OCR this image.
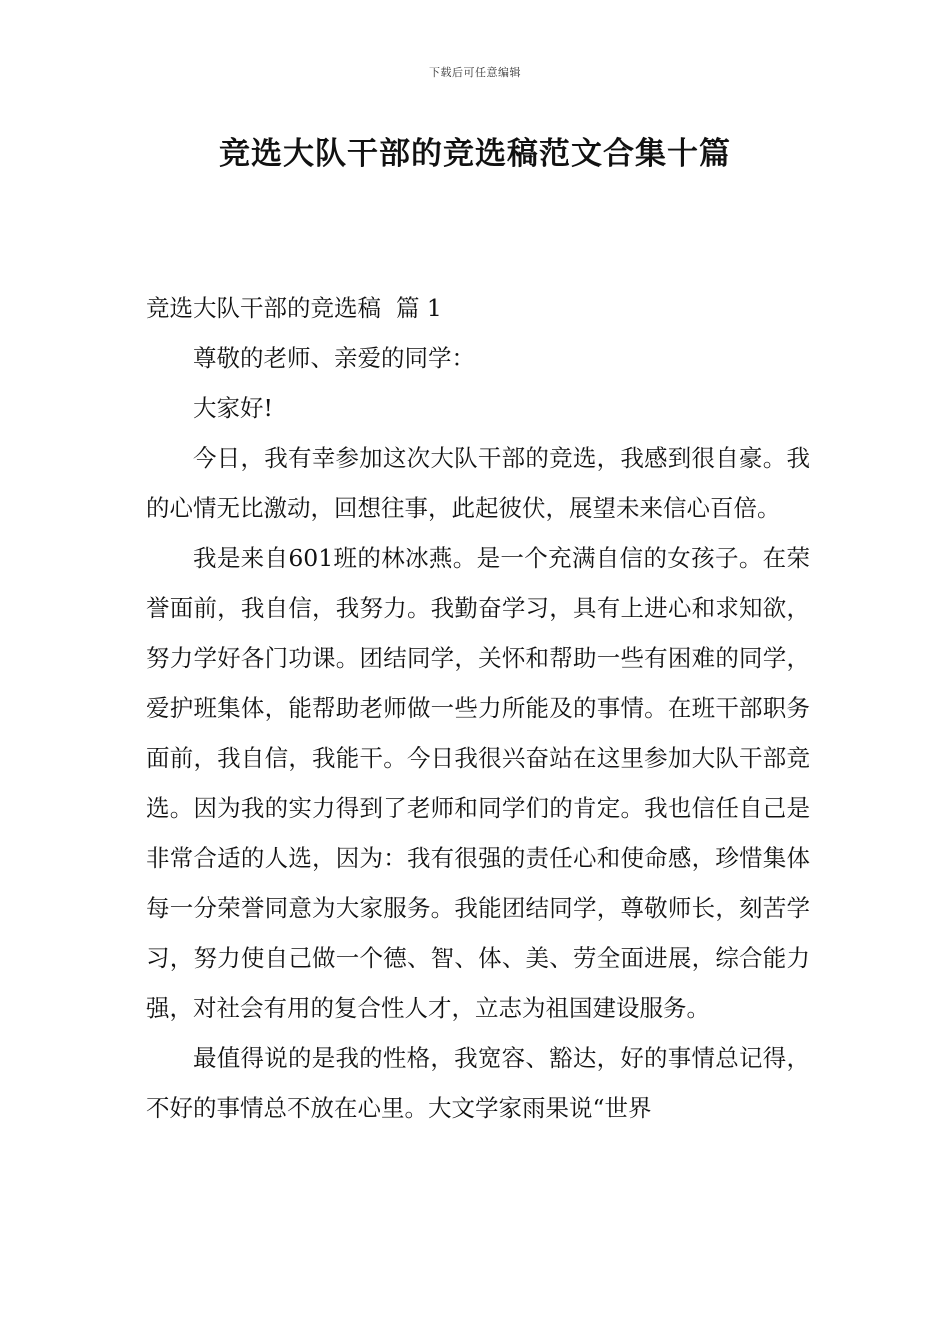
下载后可任意编辑
竞选大队干部的竞选稿范文合集十篇

竞选大队干部的竞选稿  篇 1

尊敬的老师、亲爱的同学：

大家好!

今日，我有幸参加这次大队干部的竞选，我感到很自豪。我的心情无比激动，回想往事，此起彼伏，展望未来信心百倍。

我是来自601班的林冰燕。是一个充满自信的女孩子。在荣誉面前，我自信，我努力。我勤奋学习，具有上进心和求知欲，努力学好各门功课。团结同学，关怀和帮助一些有困难的同学，爱护班集体，能帮助老师做一些力所能及的事情。在班干部职务面前，我自信，我能干。今日我很兴奋站在这里参加大队干部竞选。因为我的实力得到了老师和同学们的肯定。我也信任自己是非常合适的人选，因为：我有很强的责任心和使命感，珍惜集体每一分荣誉同意为大家服务。我能团结同学，尊敬师长，刻苦学习，努力使自己做一个德、智、体、美、劳全面进展，综合能力强，对社会有用的复合性人才，立志为祖国建设服务。

最值得说的是我的性格，我宽容、豁达，好的事情总记得，不好的事情总不放在心里。大文学家雨果说“世界
